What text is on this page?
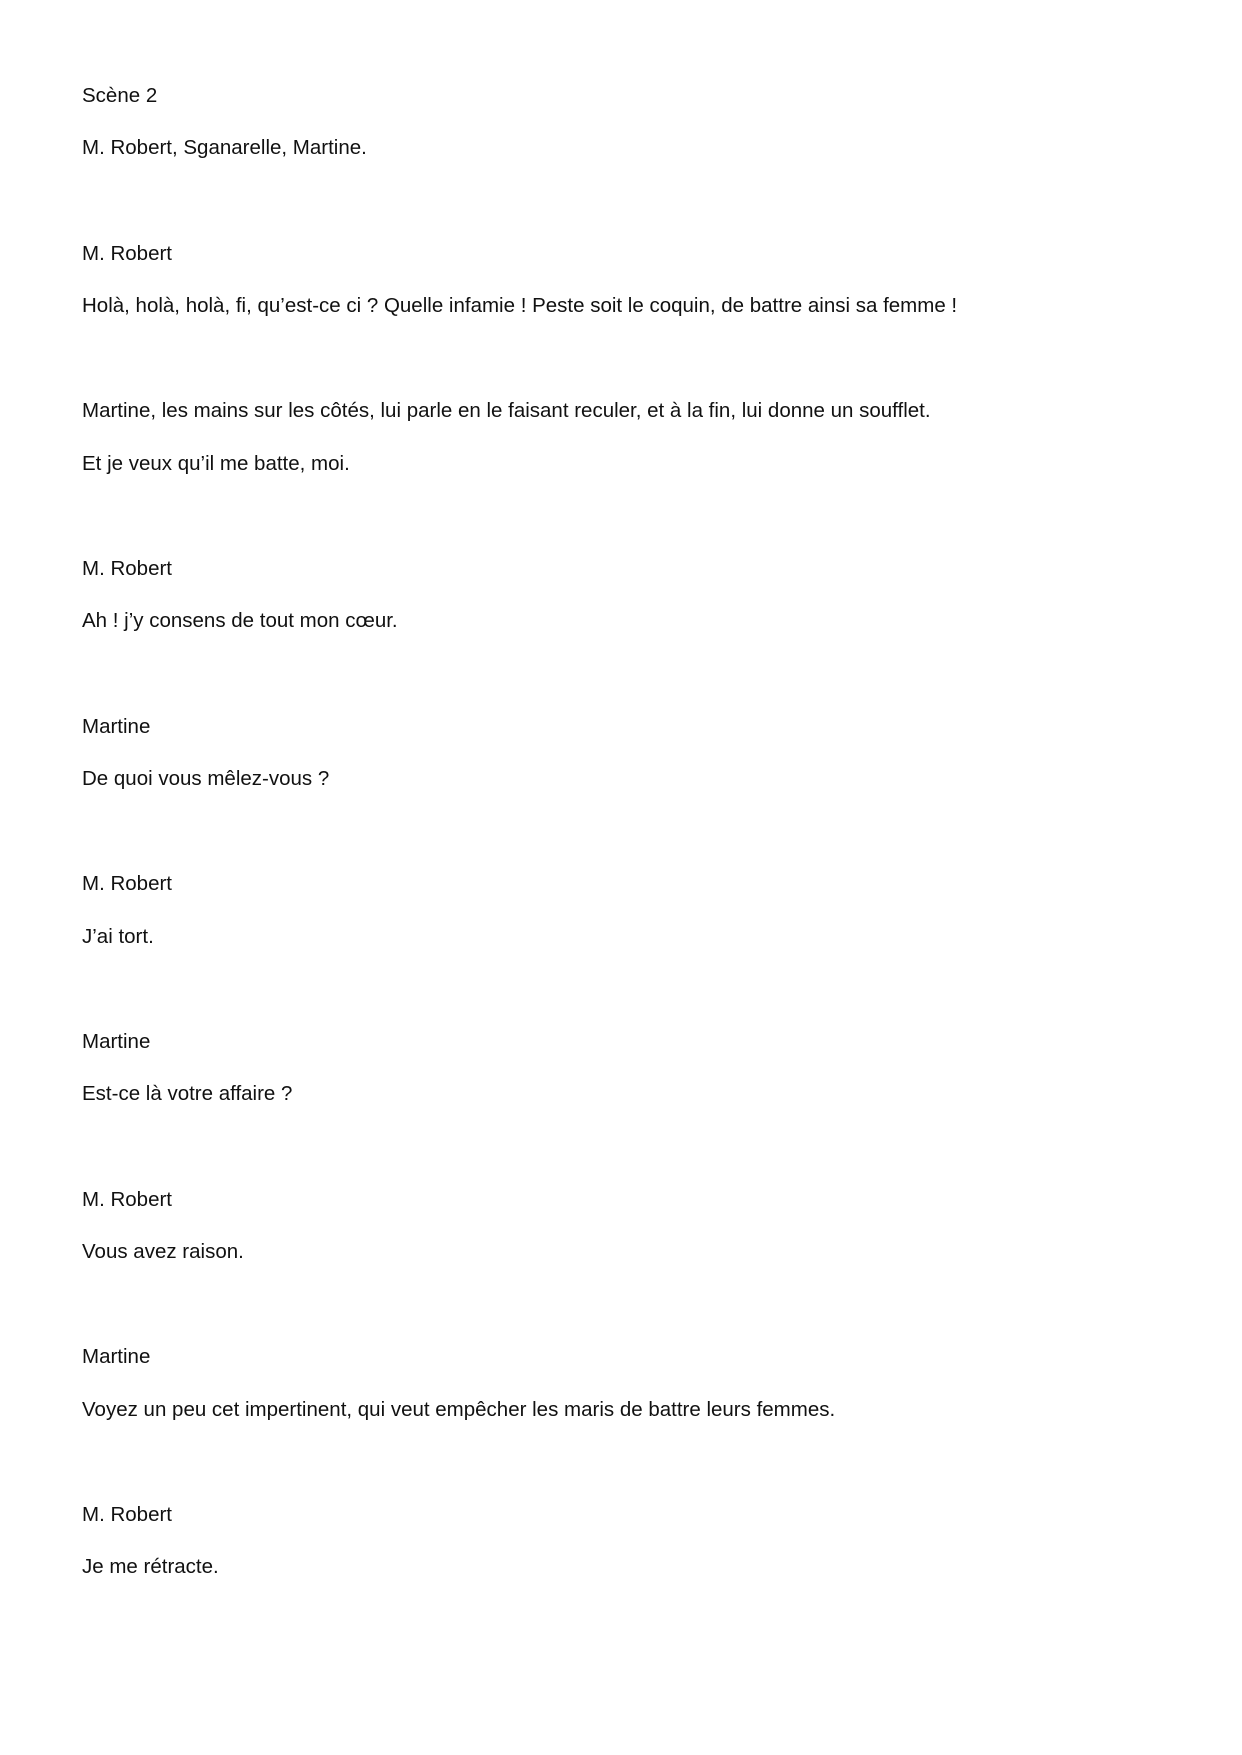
Scène 2

M. Robert, Sganarelle, Martine.

M. Robert

Holà, holà, holà, fi, qu’est-ce ci ? Quelle infamie ! Peste soit le coquin, de battre ainsi sa femme !

Martine, les mains sur les côtés, lui parle en le faisant reculer, et à la fin, lui donne un soufflet.

Et je veux qu’il me batte, moi.

M. Robert

Ah ! j’y consens de tout mon cœur.

Martine

De quoi vous mêlez-vous ?

M. Robert

J’ai tort.

Martine

Est-ce là votre affaire ?

M. Robert

Vous avez raison.

Martine

Voyez un peu cet impertinent, qui veut empêcher les maris de battre leurs femmes.

M. Robert

Je me rétracte.
